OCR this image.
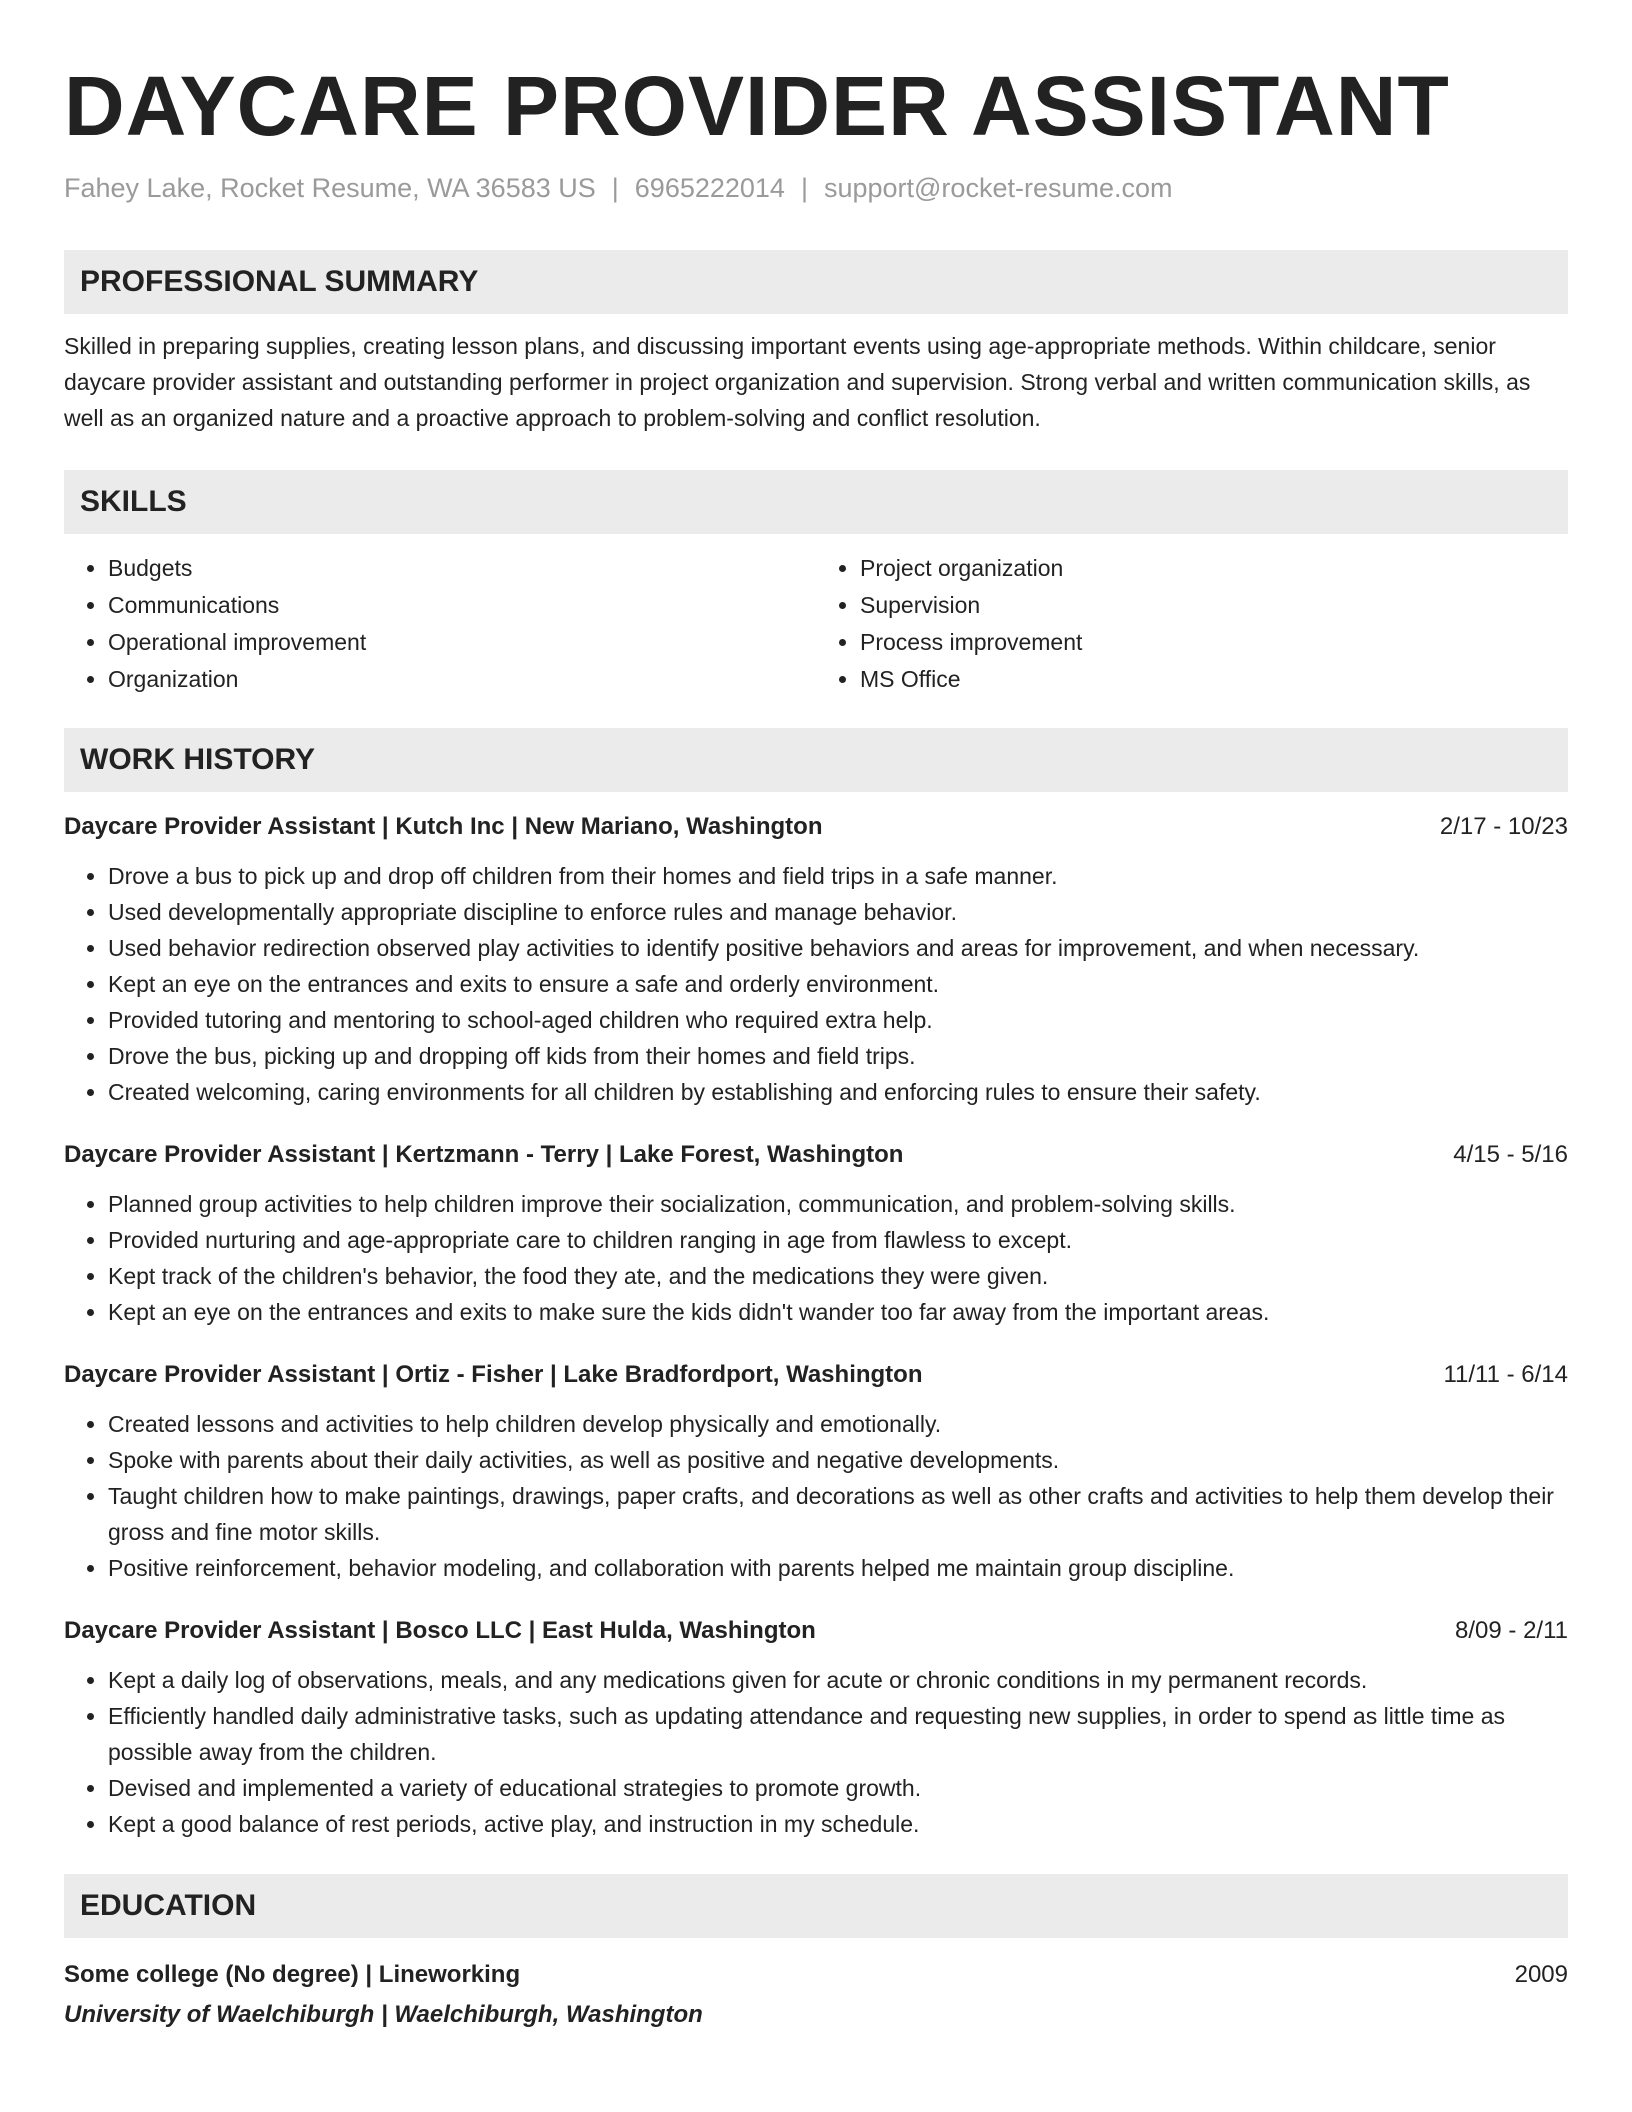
DAYCARE PROVIDER ASSISTANT
Fahey Lake, Rocket Resume, WA 36583 US | 6965222014 | support@rocket-resume.com
PROFESSIONAL SUMMARY
Skilled in preparing supplies, creating lesson plans, and discussing important events using age-appropriate methods. Within childcare, senior daycare provider assistant and outstanding performer in project organization and supervision. Strong verbal and written communication skills, as well as an organized nature and a proactive approach to problem-solving and conflict resolution.
SKILLS
• Budgets
• Communications
• Operational improvement
• Organization
• Project organization
• Supervision
• Process improvement
• MS Office
WORK HISTORY
Daycare Provider Assistant | Kutch Inc | New Mariano, Washington	2/17 - 10/23
• Drove a bus to pick up and drop off children from their homes and field trips in a safe manner.
• Used developmentally appropriate discipline to enforce rules and manage behavior.
• Used behavior redirection observed play activities to identify positive behaviors and areas for improvement, and when necessary.
• Kept an eye on the entrances and exits to ensure a safe and orderly environment.
• Provided tutoring and mentoring to school-aged children who required extra help.
• Drove the bus, picking up and dropping off kids from their homes and field trips.
• Created welcoming, caring environments for all children by establishing and enforcing rules to ensure their safety.
Daycare Provider Assistant | Kertzmann - Terry | Lake Forest, Washington	4/15 - 5/16
• Planned group activities to help children improve their socialization, communication, and problem-solving skills.
• Provided nurturing and age-appropriate care to children ranging in age from flawless to except.
• Kept track of the children's behavior, the food they ate, and the medications they were given.
• Kept an eye on the entrances and exits to make sure the kids didn't wander too far away from the important areas.
Daycare Provider Assistant | Ortiz - Fisher | Lake Bradfordport, Washington	11/11 - 6/14
• Created lessons and activities to help children develop physically and emotionally.
• Spoke with parents about their daily activities, as well as positive and negative developments.
• Taught children how to make paintings, drawings, paper crafts, and decorations as well as other crafts and activities to help them develop their gross and fine motor skills.
• Positive reinforcement, behavior modeling, and collaboration with parents helped me maintain group discipline.
Daycare Provider Assistant | Bosco LLC | East Hulda, Washington	8/09 - 2/11
• Kept a daily log of observations, meals, and any medications given for acute or chronic conditions in my permanent records.
• Efficiently handled daily administrative tasks, such as updating attendance and requesting new supplies, in order to spend as little time as possible away from the children.
• Devised and implemented a variety of educational strategies to promote growth.
• Kept a good balance of rest periods, active play, and instruction in my schedule.
EDUCATION
Some college (No degree) | Lineworking	2009
University of Waelchiburgh | Waelchiburgh, Washington
